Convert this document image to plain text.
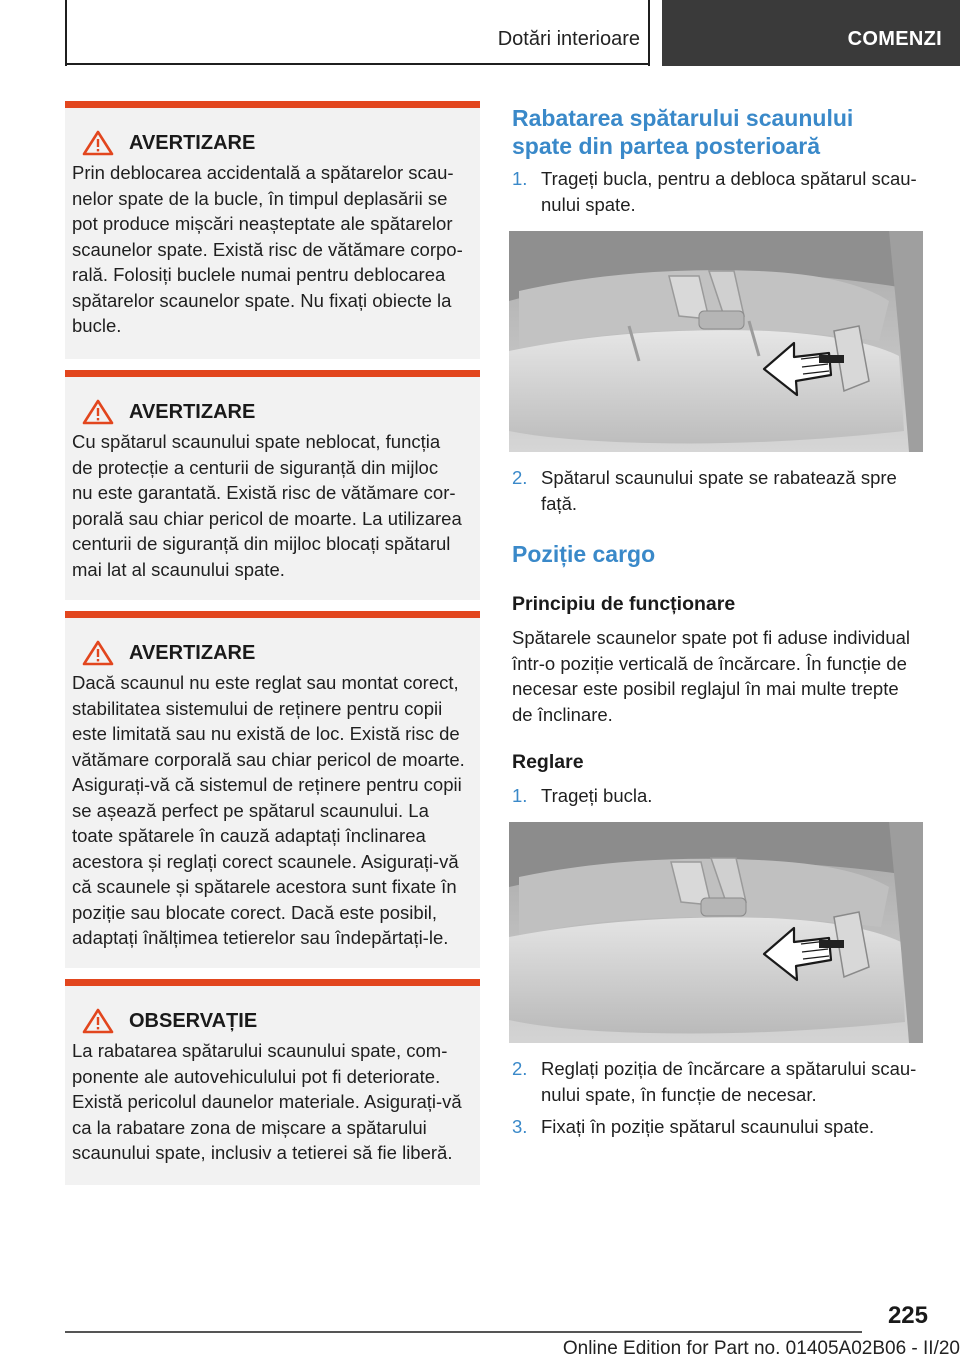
Dotări interioare	COMENZI
AVERTIZARE
Prin deblocarea accidentală a spătarelor scau‐
nelor spate de la bucle, în timpul deplasării se
pot produce mișcări neașteptate ale spătarelor
scaunelor spate. Există risc de vătămare corpo‐
rală. Folosiți buclele numai pentru deblocarea
spătarelor scaunelor spate. Nu fixați obiecte la
bucle.
AVERTIZARE
Cu spătarul scaunului spate neblocat, funcția
de protecție a centurii de siguranță din mijloc
nu este garantată. Există risc de vătămare cor‐
porală sau chiar pericol de moarte. La utilizarea
centurii de siguranță din mijloc blocați spătarul
mai lat al scaunului spate.
AVERTIZARE
Dacă scaunul nu este reglat sau montat corect,
stabilitatea sistemului de reținere pentru copii
este limitată sau nu există de loc. Există risc de
vătămare corporală sau chiar pericol de moarte.
Asigurați-vă că sistemul de reținere pentru copii
se așează perfect pe spătarul scaunului. La
toate spătarele în cauză adaptați înclinarea
acestora și reglați corect scaunele. Asigurați-vă
că scaunele și spătarele acestora sunt fixate în
poziție sau blocate corect. Dacă este posibil,
adaptați înălțimea tetierelor sau îndepărtați-le.
OBSERVAȚIE
La rabatarea spătarului scaunului spate, com‐
ponente ale autovehiculului pot fi deteriorate.
Există pericolul daunelor materiale. Asigurați-vă
ca la rabatare zona de mișcare a spătarului
scaunului spate, inclusiv a tetierei să fie liberă.
Rabatarea spătarului scaunului
spate din partea posterioară
1. Trageți bucla, pentru a debloca spătarul scau‐
nului spate.
2. Spătarul scaunului spate se rabatează spre
față.
Poziție cargo
Principiu de funcționare
Spătarele scaunelor spate pot fi aduse individual
într-o poziție verticală de încărcare. În funcție de
necesar este posibil reglajul în mai multe trepte
de înclinare.
Reglare
1. Trageți bucla.
2. Reglați poziția de încărcare a spătarului scau‐
nului spate, în funcție de necesar.
3. Fixați în poziție spătarul scaunului spate.
225
Online Edition for Part no. 01405A02B06 - II/20
